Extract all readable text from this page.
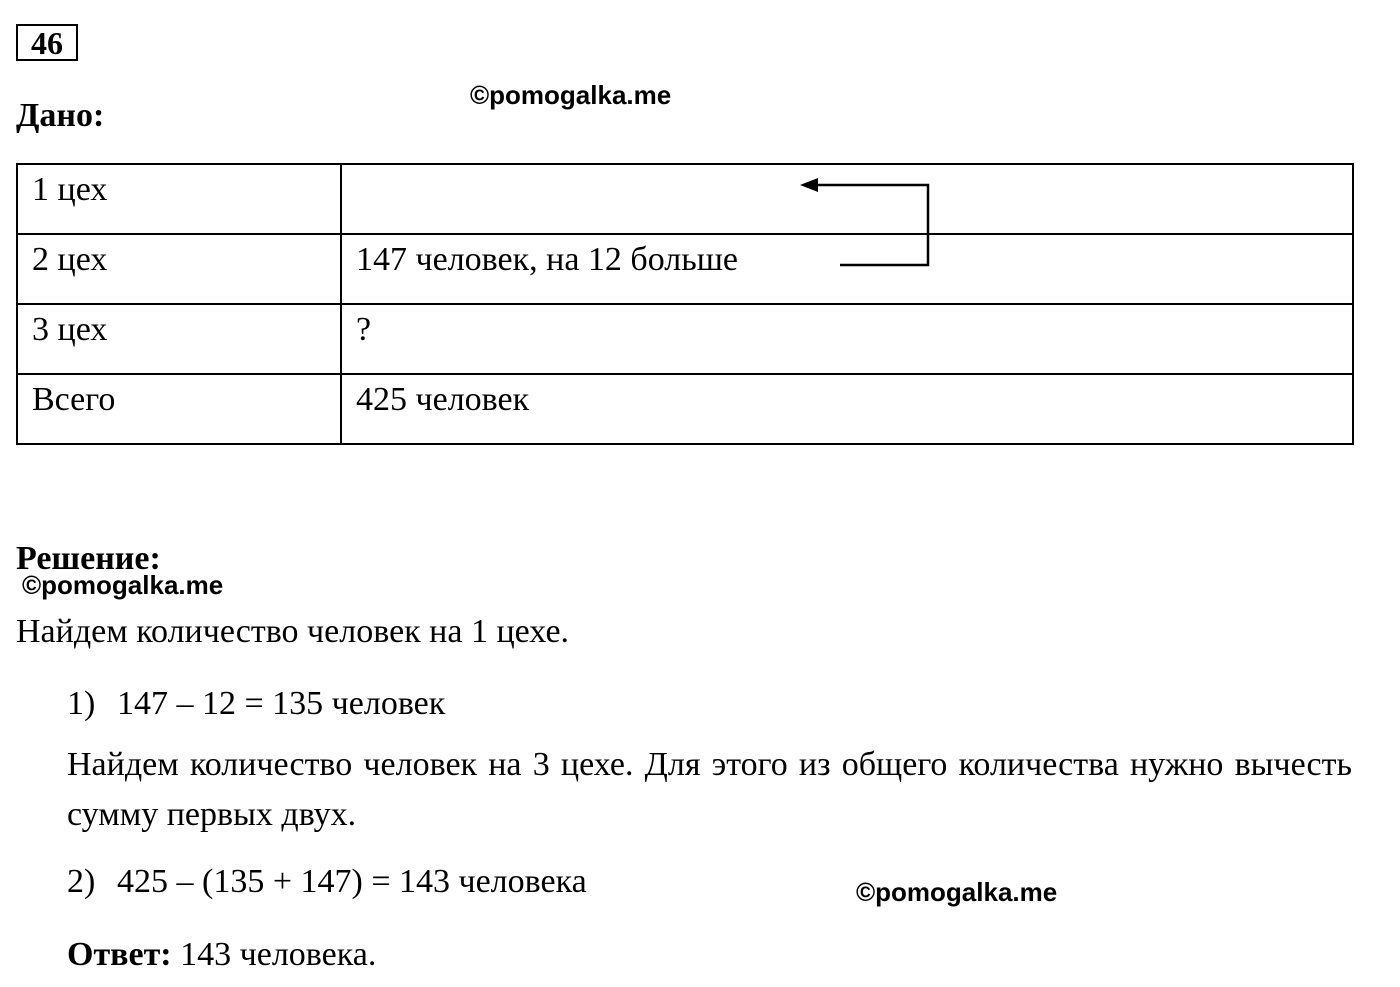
46
Дано:
©pomogalka.me
1 цех	
2 цех	147 человек, на 12 больше
3 цех	?
Всего	425 человек
Решение:
©pomogalka.me
Найдем количество человек на 1 цехе.
1) 147 – 12 = 135 человек
Найдем количество человек на 3 цехе. Для этого из общего количества нужно вычесть сумму первых двух.
2) 425 – (135 + 147) = 143 человека	©pomogalka.me
Ответ: 143 человека.
